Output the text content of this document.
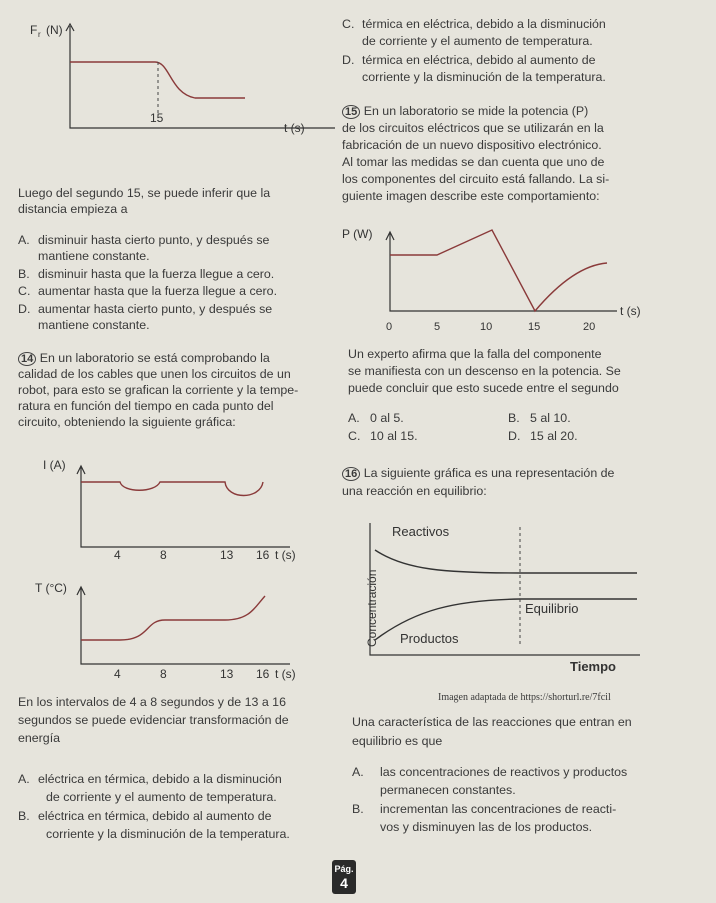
F r (N)
15
t (s)

Luego del segundo 15, se puede inferir que la

distancia empieza a

A. disminuir hasta cierto punto, y después se

mantiene constante.

B. disminuir hasta que la fuerza llegue a cero.

C. aumentar hasta que la fuerza llegue a cero.

D. aumentar hasta cierto punto, y después se

mantiene constante.

14 En un laboratorio se está comprobando la

calidad de los cables que unen los circuitos de un

robot, para esto se grafican la corriente y la tempe-

ratura en función del tiempo en cada punto del

circuito, obteniendo la siguiente gráfica:

I (A)
4	8	13 16 t (s)
T (°C)
4	8	13 16 t (s)

En los intervalos de 4 a 8 segundos y de 13 a 16

segundos se puede evidenciar transformación de

energía

A. eléctrica en térmica, debido a la disminución

de corriente y el aumento de temperatura.

B. eléctrica en térmica, debido al aumento de

corriente y la disminución de la temperatura.

C. térmica en eléctrica, debido a la disminución

de corriente y el aumento de temperatura.

D. térmica en eléctrica, debido al aumento de

corriente y la disminución de la temperatura.

15 En un laboratorio se mide la potencia (P)

de los circuitos eléctricos que se utilizarán en la

fabricación de un nuevo dispositivo electrónico.

Al tomar las medidas se dan cuenta que uno de

los componentes del circuito está fallando. La si-

guiente imagen describe este comportamiento:

P (W)
0	5	10	15	20
t (s)

Un experto afirma que la falla del componente

se manifiesta con un descenso en la potencia. Se

puede concluir que esto sucede entre el segundo

A. 0 al 5.	B. 5 al 10.

C. 10 al 15.	D. 15 al 20.

16 La siguiente gráfica es una representación de

una reacción en equilibrio:

Concentración
Reactivos
Equilibrio
Productos
Tiempo

Imagen adaptada de https://shorturl.re/7fcil

Una característica de las reacciones que entran en

equilibrio es que

A. las concentraciones de reactivos y productos

permanecen constantes.

B. incrementan las concentraciones de reacti-

vos y disminuyen las de los productos.

Pág.
4
